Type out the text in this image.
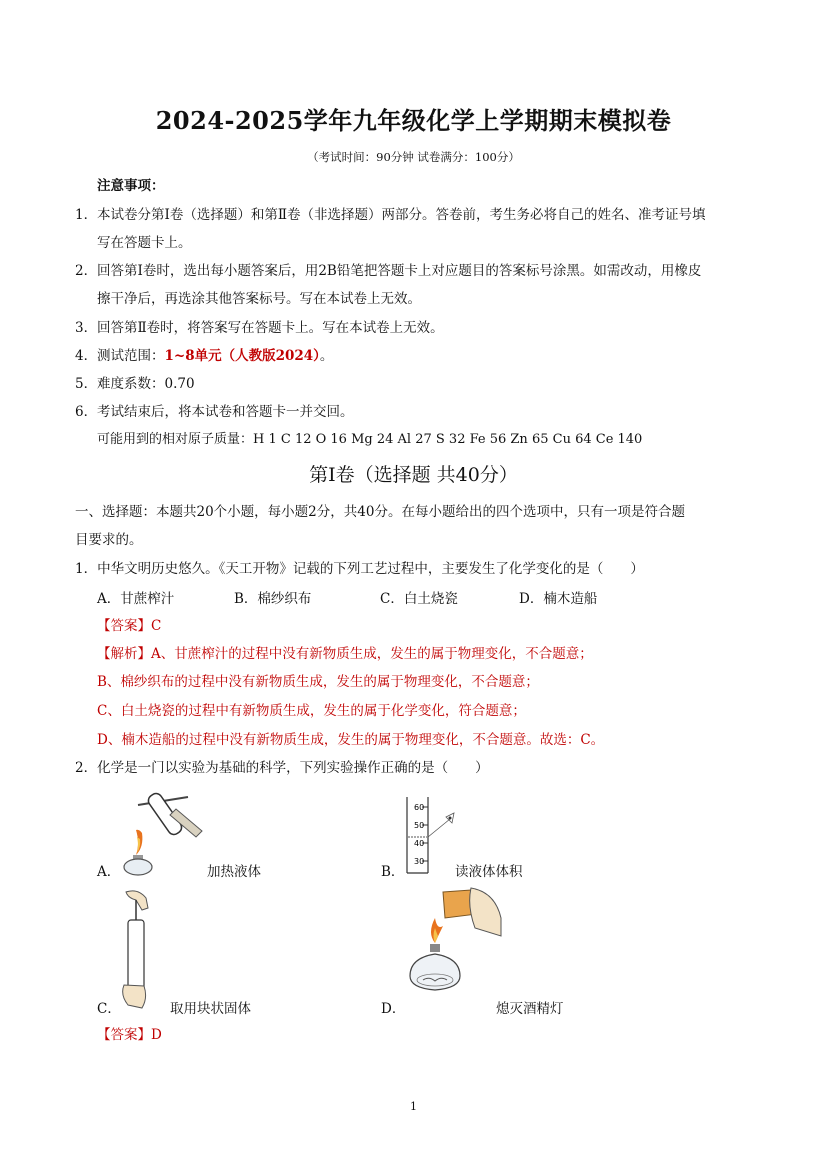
2024-2025学年九年级化学上学期期末模拟卷
（考试时间：90分钟 试卷满分：100分）
注意事项：
1． 本试卷分第Ⅰ卷（选择题）和第Ⅱ卷（非选择题）两部分。答卷前，考生务必将自己的姓名、准考证号填
写在答题卡上。
2． 回答第Ⅰ卷时，选出每小题答案后，用2B铅笔把答题卡上对应题目的答案标号涂黑。如需改动，用橡皮
擦干净后，再选涂其他答案标号。写在本试卷上无效。
3． 回答第Ⅱ卷时，将答案写在答题卡上。写在本试卷上无效。
4． 测试范围：1~8单元（人教版2024）。
5． 难度系数：0.70
6． 考试结束后，将本试卷和答题卡一并交回。
可能用到的相对原子质量：H 1 C 12 O 16 Mg 24 Al 27 S 32 Fe 56 Zn 65 Cu 64 Ce 140
第Ⅰ卷（选择题 共40分）
一、选择题：本题共20个小题，每小题2分，共40分。在每小题给出的四个选项中，只有一项是符合题
目要求的。
1．中华文明历史悠久。《天工开物》记载的下列工艺过程中，主要发生了化学变化的是（　　）
A．甘蔗榨汁	B．棉纱织布	C．白土烧瓷	D．楠木造船
【答案】C
【解析】A、甘蔗榨汁的过程中没有新物质生成，发生的属于物理变化，不合题意；
B、棉纱织布的过程中没有新物质生成，发生的属于物理变化，不合题意；
C、白土烧瓷的过程中有新物质生成，发生的属于化学变化，符合题意；
D、楠木造船的过程中没有新物质生成，发生的属于物理变化，不合题意。故选：C。
2．化学是一门以实验为基础的科学，下列实验操作正确的是（　　）
A．	加热液体
60
50
40
30
B．	读液体体积
C．	取用块状固体	D．	熄灭酒精灯
【答案】D
1
